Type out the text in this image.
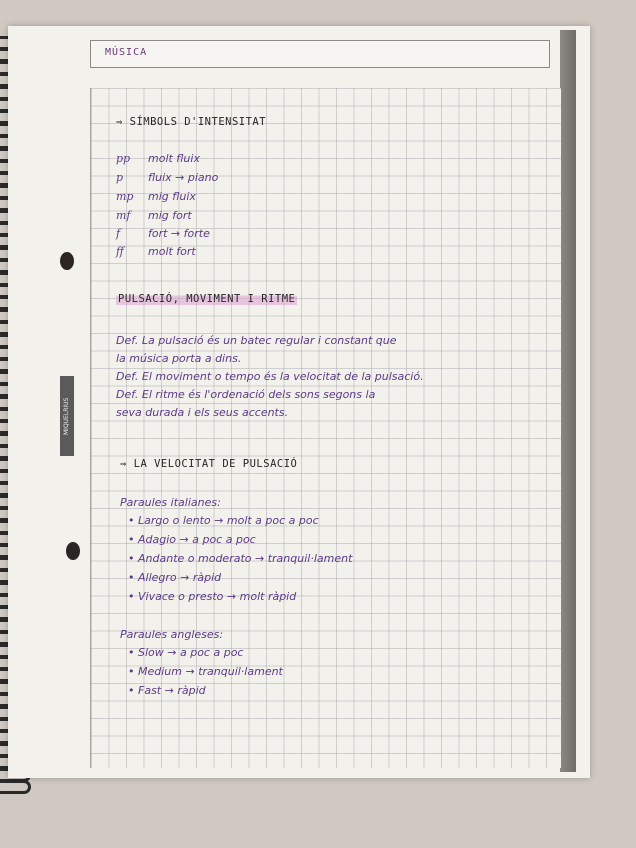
MÚSICA
MIQUELRIUS
⇒ SÍMBOLS D'INTENSITAT
pp molt fluix
p fluix → piano
mp mig fluix
mf mig fort
f	fort → forte
ff molt fort
PULSACIÓ, MOVIMENT I RITME
Def. La pulsació és un batec regular i constant que
la música porta a dins.
Def. El moviment o tempo és la velocitat de la pulsació.
Def. El ritme és l'ordenació dels sons segons la
seva durada i els seus accents.
⇒ LA VELOCITAT DE PULSACIÓ
Paraules italianes:
• Largo o lento → molt a poc a poc
• Adagio → a poc a poc
• Andante o moderato → tranquil·lament
• Allegro → ràpid
• Vivace o presto → molt ràpid
Paraules angleses:
• Slow → a poc a poc
• Medium → tranquil·lament
• Fast → ràpid
